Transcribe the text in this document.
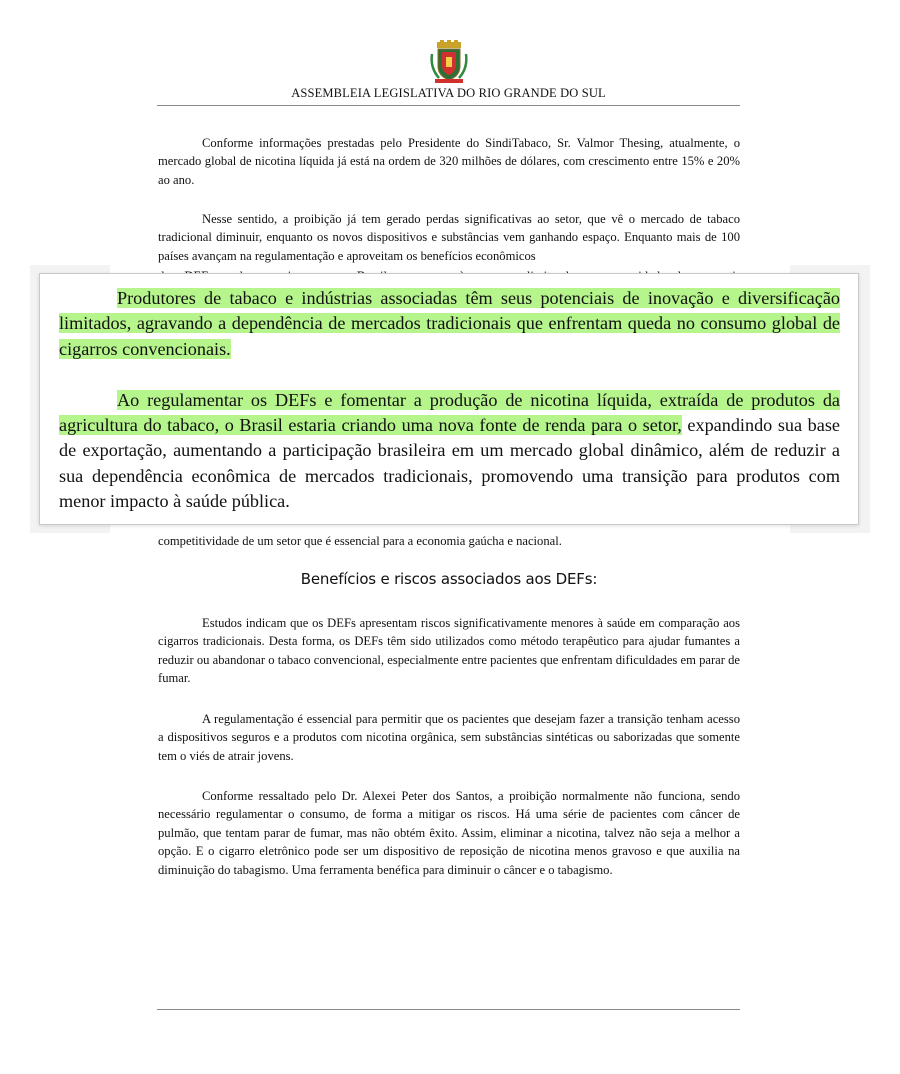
ASSEMBLEIA LEGISLATIVA DO RIO GRANDE DO SUL

Conforme informações prestadas pelo Presidente do SindiTabaco, Sr. Valmor Thesing, atualmente, o mercado global de nicotina líquida já está na ordem de 320 milhões de dólares, com crescimento entre 15% e 20% ao ano.

Nesse sentido, a proibição já tem gerado perdas significativas ao setor, que vê o mercado de tabaco tradicional diminuir, enquanto os novos dispositivos e substâncias vem ganhando espaço. Enquanto mais de 100 países avançam na regulamentação e aproveitam os benefícios econômicos

competitividade de um setor que é essencial para a economia gaúcha e nacional.
Benefícios e riscos associados aos DEFs:

Estudos indicam que os DEFs apresentam riscos significativamente menores à saúde em comparação aos cigarros tradicionais. Desta forma, os DEFs têm sido utilizados como método terapêutico para ajudar fumantes a reduzir ou abandonar o tabaco convencional, especialmente entre pacientes que enfrentam dificuldades em parar de fumar.

A regulamentação é essencial para permitir que os pacientes que desejam fazer a transição tenham acesso a dispositivos seguros e a produtos com nicotina orgânica, sem substâncias sintéticas ou saborizadas que somente tem o viés de atrair jovens.

Conforme ressaltado pelo Dr. Alexei Peter dos Santos, a proibição normalmente não funciona, sendo necessário regulamentar o consumo, de forma a mitigar os riscos. Há uma série de pacientes com câncer de pulmão, que tentam parar de fumar, mas não obtém êxito. Assim, eliminar a nicotina, talvez não seja a melhor a opção. E o cigarro eletrônico pode ser um dispositivo de reposição de nicotina menos gravoso e que auxilia na diminuição do tabagismo. Uma ferramenta benéfica para diminuir o câncer e o tabagismo.

Produtores de tabaco e indústrias associadas têm seus potenciais de inovação e diversificação limitados, agravando a dependência de mercados tradicionais que enfrentam queda no consumo global de cigarros convencionais.

Ao regulamentar os DEFs e fomentar a produção de nicotina líquida, extraída de produtos da agricultura do tabaco, o Brasil estaria criando uma nova fonte de renda para o setor, expandindo sua base de exportação, aumentando a participação brasileira em um mercado global dinâmico, além de reduzir a sua dependência econômica de mercados tradicionais, promovendo uma transição para produtos com menor impacto à saúde pública.
